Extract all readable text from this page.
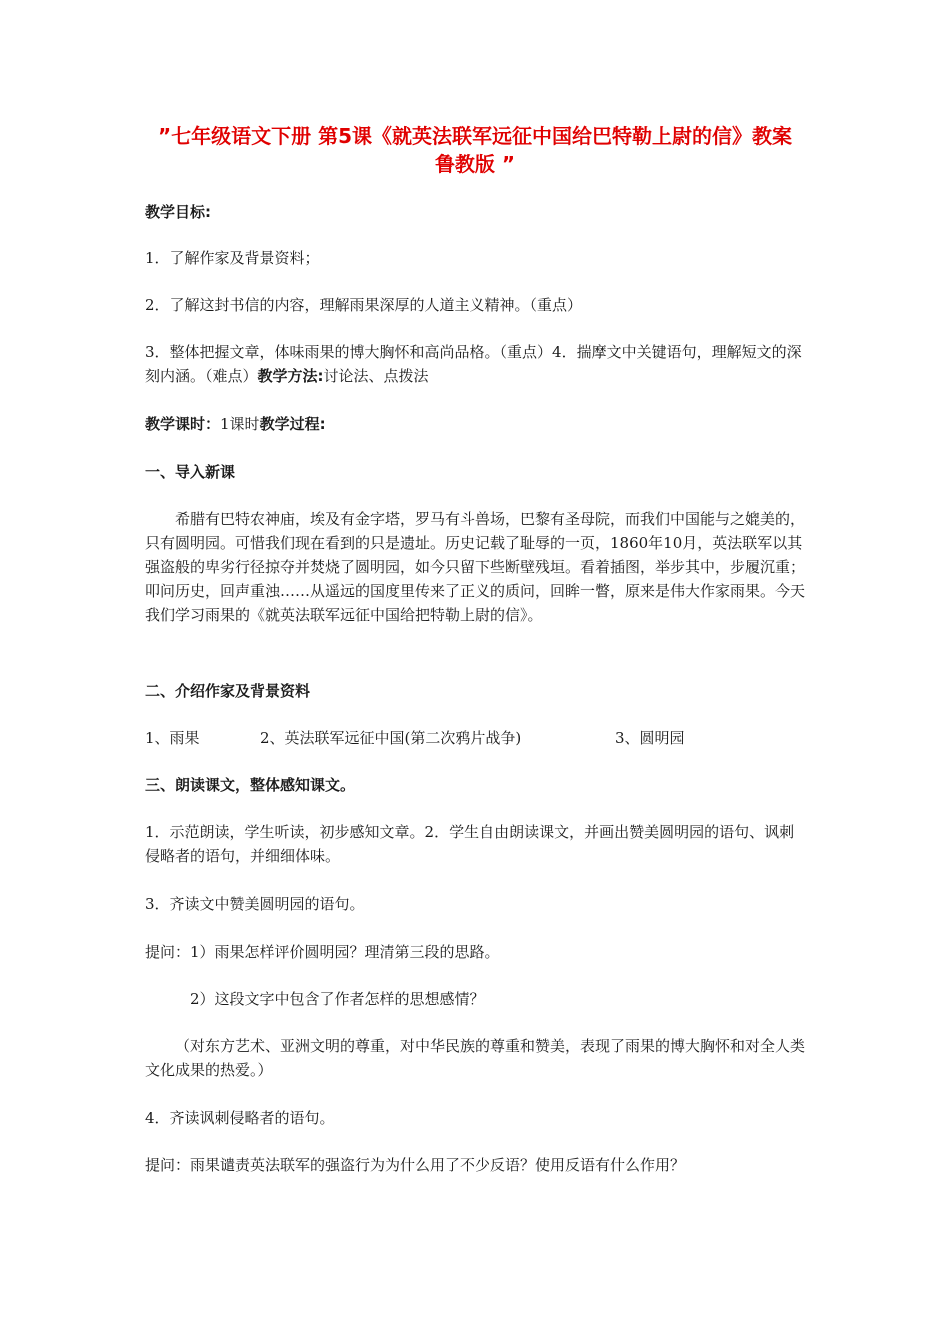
”七年级语文下册 第5课《就英法联军远征中国给巴特勒上尉的信》教案 鲁教版 ”

教学目标:

1．了解作家及背景资料；

2．了解这封书信的内容，理解雨果深厚的人道主义精神。（重点）

3．整体把握文章，体味雨果的博大胸怀和高尚品格。（重点）4．揣摩文中关键语句，理解短文的深刻内涵。（难点）教学方法:讨论法、点拨法

教学课时：1课时教学过程:

一、导入新课

希腊有巴特农神庙，埃及有金字塔，罗马有斗兽场，巴黎有圣母院，而我们中国能与之媲美的，只有圆明园。可惜我们现在看到的只是遗址。历史记载了耻辱的一页，1860年10月，英法联军以其强盗般的卑劣行径掠夺并焚烧了圆明园，如今只留下些断壁残垣。看着插图，举步其中，步履沉重；叩问历史，回声重浊……从遥远的国度里传来了正义的质问，回眸一瞥，原来是伟大作家雨果。今天我们学习雨果的《就英法联军远征中国给把特勒上尉的信》。

二、介绍作家及背景资料

1、雨果	2、英法联军远征中国(第二次鸦片战争)	3、圆明园

三、朗读课文，整体感知课文。

1．示范朗读，学生听读，初步感知文章。2．学生自由朗读课文，并画出赞美圆明园的语句、讽刺侵略者的语句，并细细体味。

3．齐读文中赞美圆明园的语句。

提问：1）雨果怎样评价圆明园？理清第三段的思路。

2）这段文字中包含了作者怎样的思想感情？

（对东方艺术、亚洲文明的尊重，对中华民族的尊重和赞美，表现了雨果的博大胸怀和对全人类文化成果的热爱。）

4．齐读讽刺侵略者的语句。

提问：雨果谴责英法联军的强盗行为为什么用了不少反语？使用反语有什么作用？
